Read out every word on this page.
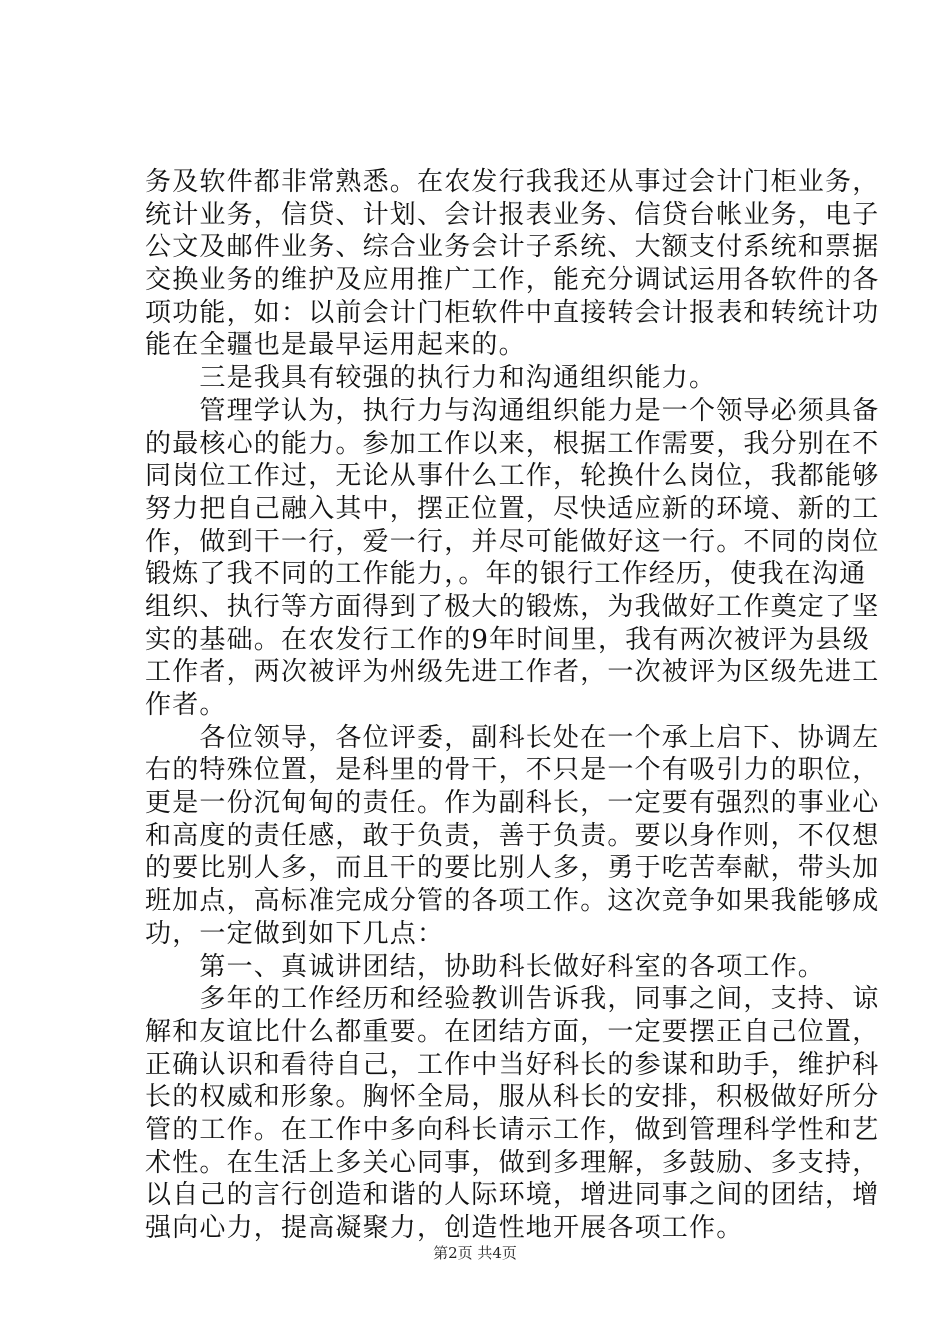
务及软件都非常熟悉。在农发行我我还从事过会计门柜业务，
统计业务，信贷、计划、会计报表业务、信贷台帐业务，电子
公文及邮件业务、综合业务会计子系统、大额支付系统和票据
交换业务的维护及应用推广工作，能充分调试运用各软件的各
项功能，如：以前会计门柜软件中直接转会计报表和转统计功
能在全疆也是最早运用起来的。
　　三是我具有较强的执行力和沟通组织能力。
　　管理学认为，执行力与沟通组织能力是一个领导必须具备
的最核心的能力。参加工作以来，根据工作需要，我分别在不
同岗位工作过，无论从事什么工作，轮换什么岗位，我都能够
努力把自己融入其中，摆正位置，尽快适应新的环境、新的工
作，做到干一行，爱一行，并尽可能做好这一行。不同的岗位
锻炼了我不同的工作能力，。年的银行工作经历，使我在沟通
组织、执行等方面得到了极大的锻炼，为我做好工作奠定了坚
实的基础。在农发行工作的9年时间里，我有两次被评为县级
工作者，两次被评为州级先进工作者，一次被评为区级先进工
作者。
　　各位领导，各位评委，副科长处在一个承上启下、协调左
右的特殊位置，是科里的骨干，不只是一个有吸引力的职位，
更是一份沉甸甸的责任。作为副科长，一定要有强烈的事业心
和高度的责任感，敢于负责，善于负责。要以身作则，不仅想
的要比别人多，而且干的要比别人多，勇于吃苦奉献，带头加
班加点，高标准完成分管的各项工作。这次竞争如果我能够成
功，一定做到如下几点：
　　第一、真诚讲团结，协助科长做好科室的各项工作。
　　多年的工作经历和经验教训告诉我，同事之间，支持、谅
解和友谊比什么都重要。在团结方面，一定要摆正自己位置，
正确认识和看待自己，工作中当好科长的参谋和助手，维护科
长的权威和形象。胸怀全局，服从科长的安排，积极做好所分
管的工作。在工作中多向科长请示工作，做到管理科学性和艺
术性。在生活上多关心同事，做到多理解，多鼓励、多支持，
以自己的言行创造和谐的人际环境，增进同事之间的团结，增
强向心力，提高凝聚力，创造性地开展各项工作。
第2页 共4页
